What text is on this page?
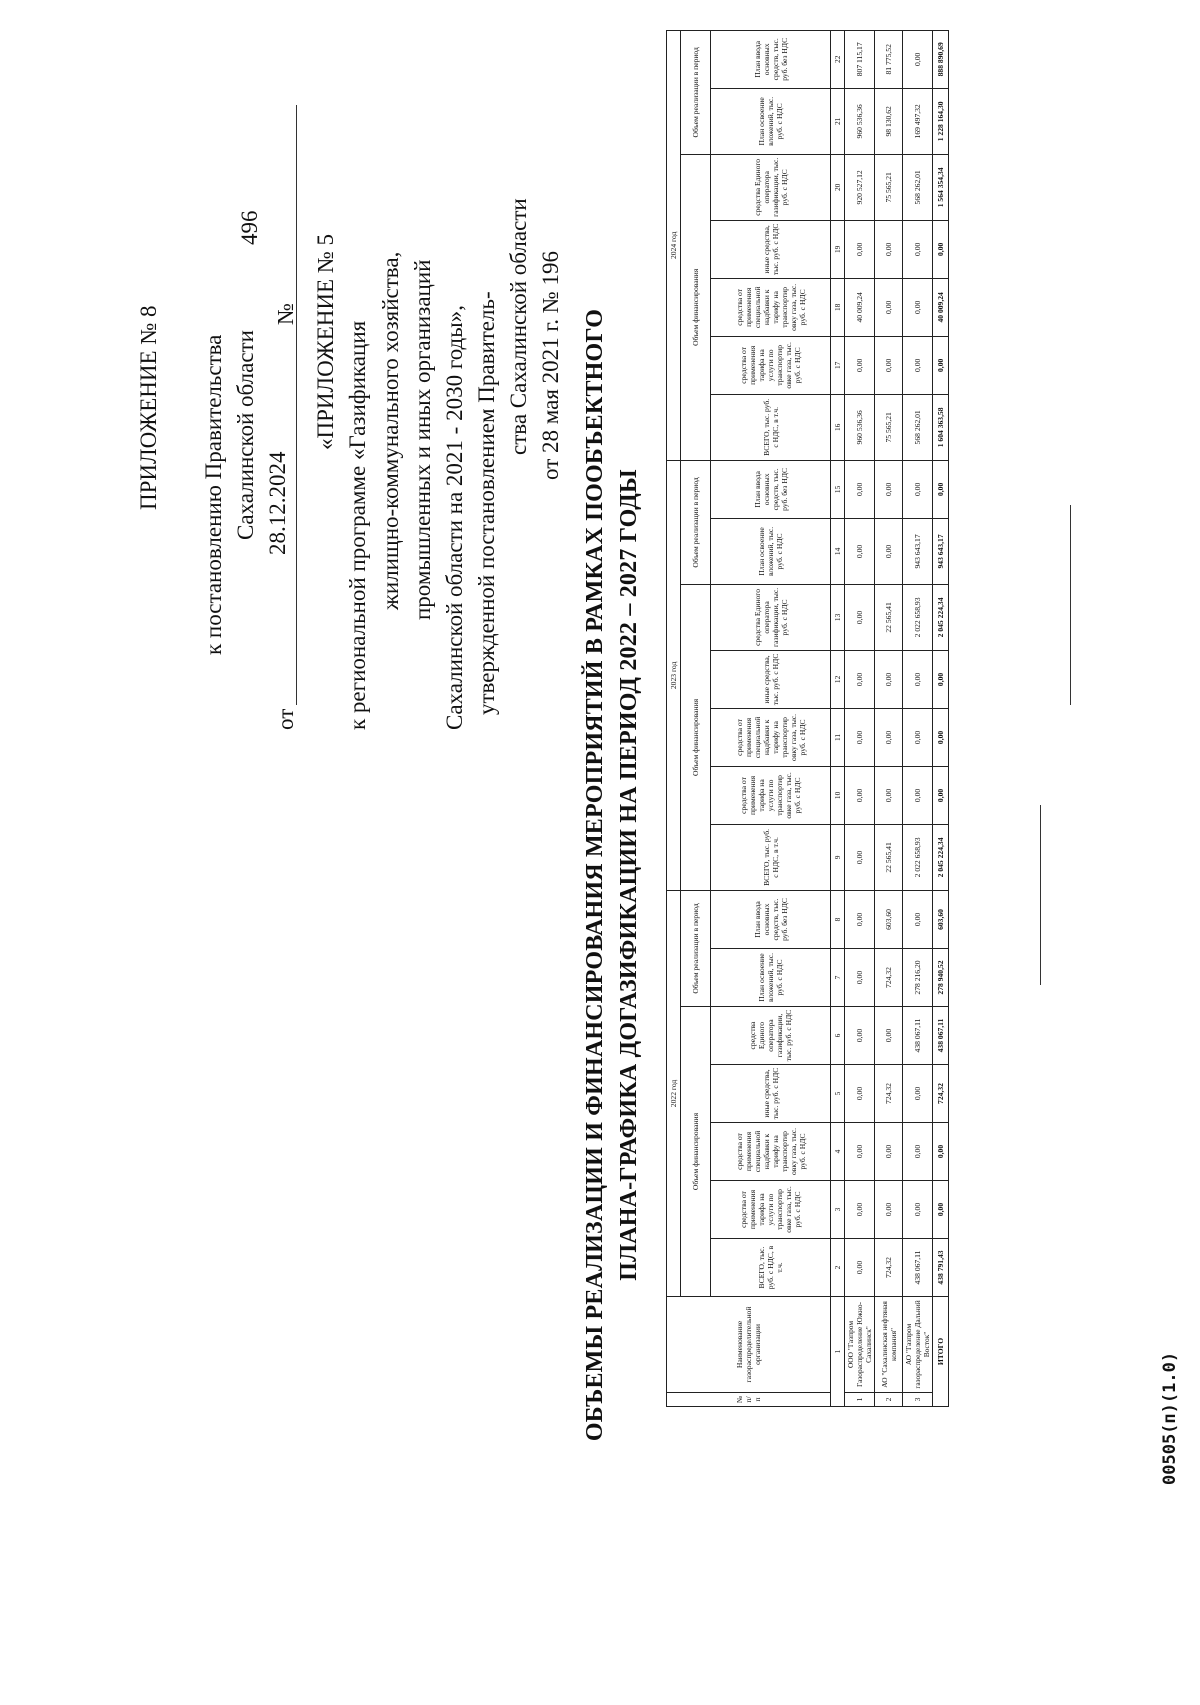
ПРИЛОЖЕНИЕ № 8 к постановлению Правительства Сахалинской области
от
28.12.2024
№
496
«ПРИЛОЖЕНИЕ № 5 к региональной программе «Газификация жилищно-коммунального хозяйства, промышленных и иных организаций Сахалинской области на 2021 - 2030 годы», утвержденной постановлением Правитель- ства Сахалинской области от 28 мая 2021 г. № 196 ОБЪЕМЫ РЕАЛИЗАЦИИ И ФИНАНСИРОВАНИЯ МЕРОПРИЯТИЙ В РАМКАХ ПООБЪЕКТНОГО ПЛАНА-ГРАФИКА ДОГАЗИФИКАЦИИ НА ПЕРИОД 2022 – 2027 ГОДЫ
№ п/п	Наименование газораспределительной организации	2022 год							2023 год							2024 год						
		Объем финансирования					Объем реализации в период		Объем финансирования					Объем реализации в период		Объем финансирования					Объем реализации в период	
		ВСЕГО, тыс. руб. с НДС, в т.ч.	средства от применения тарифа на услуги по транспортир овке газа, тыс. руб. с НДС	средства от применения специальной надбавки к тарифу на транспортир овку газа, тыс. руб. с НДС	иные средства, тыс. руб. с НДС	средства Единого оператора газификации, тыс. руб. с НДС	План освоение вложений, тыс. руб. с НДС	План ввода основных средств, тыс. руб. без НДС	ВСЕГО, тыс. руб. с НДС, в т.ч.	средства от применения тарифа на услуги по транспортир овке газа, тыс. руб. с НДС	средства от применения специальной надбавки к тарифу на транспортир овку газа, тыс. руб. с НДС	иные средства, тыс. руб. с НДС	средства Единого оператора газификации, тыс. руб. с НДС	План освоение вложений, тыс. руб. с НДС	План ввода основных средств, тыс. руб. без НДС	ВСЕГО, тыс. руб. с НДС, в т.ч.	средства от применения тарифа на услуги по транспортир овке газа, тыс. руб. с НДС	средства от применения специальной надбавки к тарифу на транспортир овку газа, тыс. руб. с НДС	иные средства, тыс. руб. с НДС	средства Единого оператора газификации, тыс. руб. с НДС	План освоение вложений, тыс. руб. с НДС	План ввода основных средств, тыс. руб. без НДС
1		2	3	4	5	6	7	8	9	10	11	12	13	14	15	16	17	18	19	20	21	22
1	ООО "Газпром Газораспределение Южно-Сахалинск"	0,00	0,00	0,00	0,00	0,00	0,00	0,00	0,00	0,00	0,00	0,00	0,00	0,00	0,00	960 536,36	0,00	40 009,24	0,00	920 527,12	960 536,36	807 115,17
2	АО "Сахалинская нефтяная компания"	724,32	0,00	0,00	724,32	0,00	724,32	603,60	22 565,41	0,00	0,00	0,00	22 565,41	0,00	0,00	75 565,21	0,00	0,00	0,00	75 565,21	98 130,62	81 775,52
3	АО "Газпром газораспределение Дальний Восток"	438 067,11	0,00	0,00	0,00	438 067,11	278 216,20	0,00	2 022 658,93	0,00	0,00	0,00	2 022 658,93	943 643,17	0,00	568 262,01	0,00	0,00	0,00	568 262,01	169 497,32	0,00
ИТОГО		438 791,43	0,00	0,00	724,32	438 067,11	278 940,52	603,60	2 045 224,34	0,00	0,00	0,00	2 045 224,34	943 643,17	0,00	1 604 363,58	0,00	40 009,24	0,00	1 564 354,34	1 228 164,30	888 890,69
00505(п)(1.0)
